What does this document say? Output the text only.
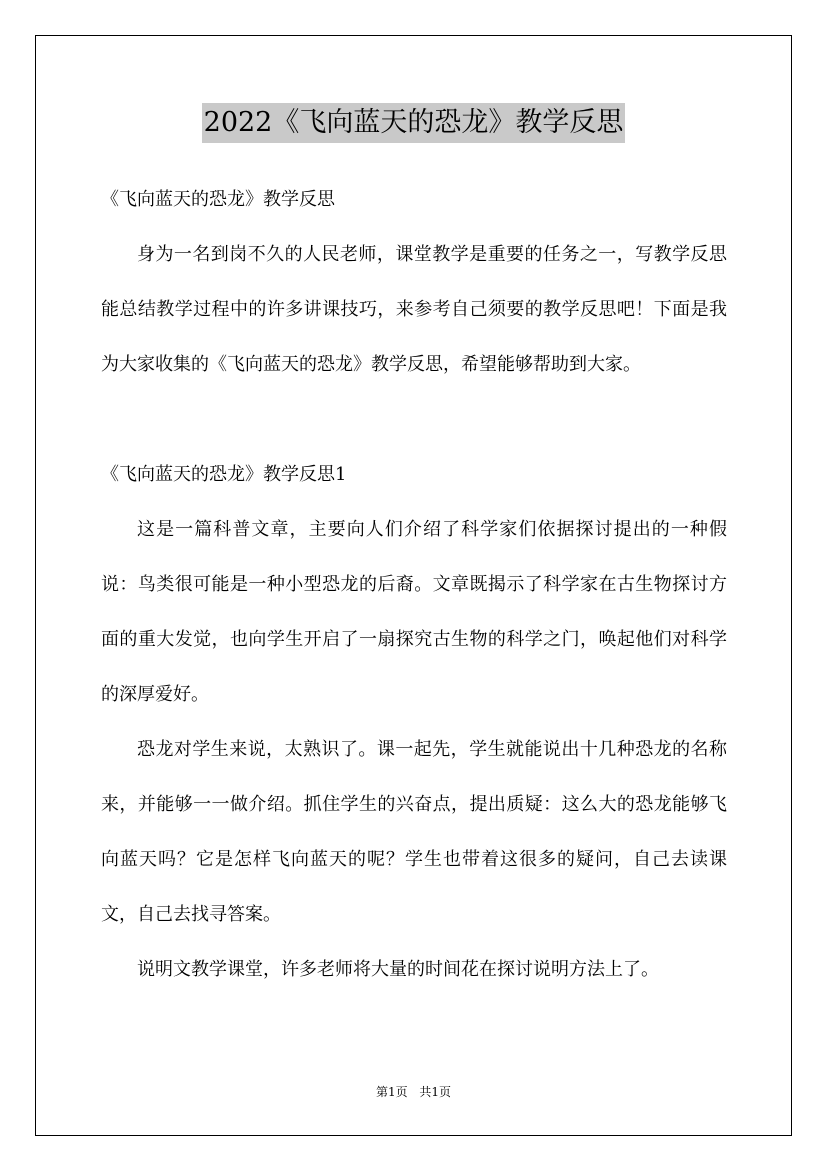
2022《飞向蓝天的恐龙》教学反思

《飞向蓝天的恐龙》教学反思

身为一名到岗不久的人民老师，课堂教学是重要的任务之一，写教学反思能总结教学过程中的许多讲课技巧，来参考自己须要的教学反思吧！下面是我为大家收集的《飞向蓝天的恐龙》教学反思，希望能够帮助到大家。

《飞向蓝天的恐龙》教学反思1

这是一篇科普文章，主要向人们介绍了科学家们依据探讨提出的一种假说：鸟类很可能是一种小型恐龙的后裔。文章既揭示了科学家在古生物探讨方面的重大发觉，也向学生开启了一扇探究古生物的科学之门，唤起他们对科学的深厚爱好。

恐龙对学生来说，太熟识了。课一起先，学生就能说出十几种恐龙的名称来，并能够一一做介绍。抓住学生的兴奋点，提出质疑：这么大的恐龙能够飞向蓝天吗？它是怎样飞向蓝天的呢？学生也带着这很多的疑问，自己去读课文，自己去找寻答案。

说明文教学课堂，许多老师将大量的时间花在探讨说明方法上了。

第1页 共1页
